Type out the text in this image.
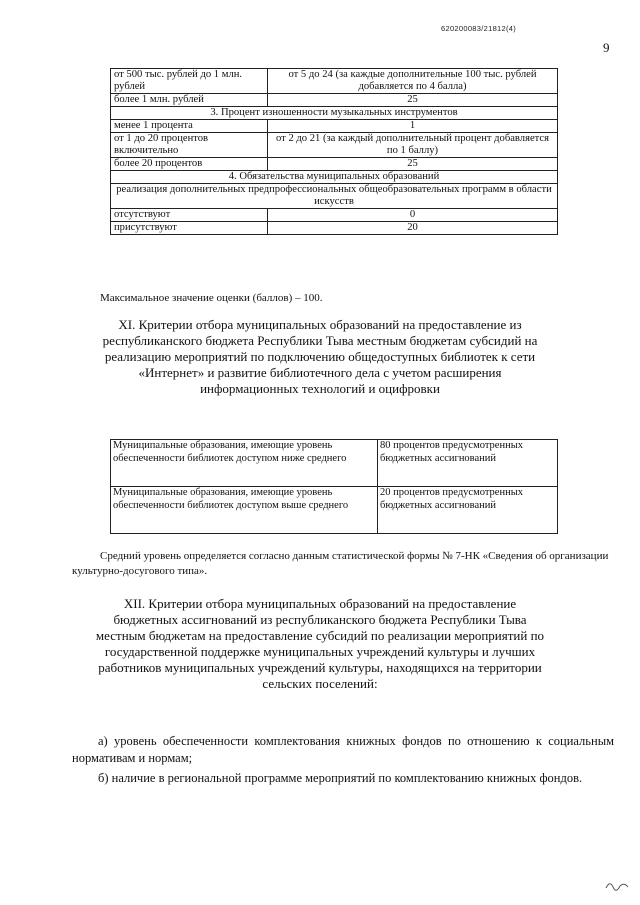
620200083/21812(4)
9
от 500 тыс. рублей до 1 млн. рублей	от 5 до 24 (за каждые дополнительные 100 тыс. рублей добавляется по 4 балла)
более 1 млн. рублей	25
3. Процент изношенности музыкальных инструментов	
менее 1 процента	1
от 1 до 20 процентов включительно	от 2 до 21 (за каждый дополнительный процент добавляется по 1 баллу)
более 20 процентов	25
4. Обязательства муниципальных образований	
реализация дополнительных предпрофессиональных общеобразовательных программ в области искусств	
отсутствуют	0
присутствуют	20
Максимальное значение оценки (баллов) – 100.
XI. Критерии отбора муниципальных образований на предоставление из республиканского бюджета Республики Тыва местным бюджетам субсидий на реализацию мероприятий по подключению общедоступных библиотек к сети «Интернет» и развитие библиотечного дела с учетом расширения информационных технологий и оцифровки
Муниципальные образования, имеющие уровень обеспеченности библиотек доступом ниже среднего	80 процентов предусмотренных бюджетных ассигнований
Муниципальные образования, имеющие уровень обеспеченности библиотек доступом выше среднего	20 процентов предусмотренных бюджетных ассигнований
Средний уровень определяется согласно данным статистической формы № 7-НК «Сведения об организации культурно-досугового типа».
XII. Критерии отбора муниципальных образований на предоставление бюджетных ассигнований из республиканского бюджета Республики Тыва местным бюджетам на предоставление субсидий по реализации мероприятий по государственной поддержке муниципальных учреждений культуры и лучших работников муниципальных учреждений культуры, находящихся на территории сельских поселений:
а) уровень обеспеченности комплектования книжных фондов по отношению к социальным нормативам и нормам;
б) наличие в региональной программе мероприятий по комплектованию книжных фондов.
